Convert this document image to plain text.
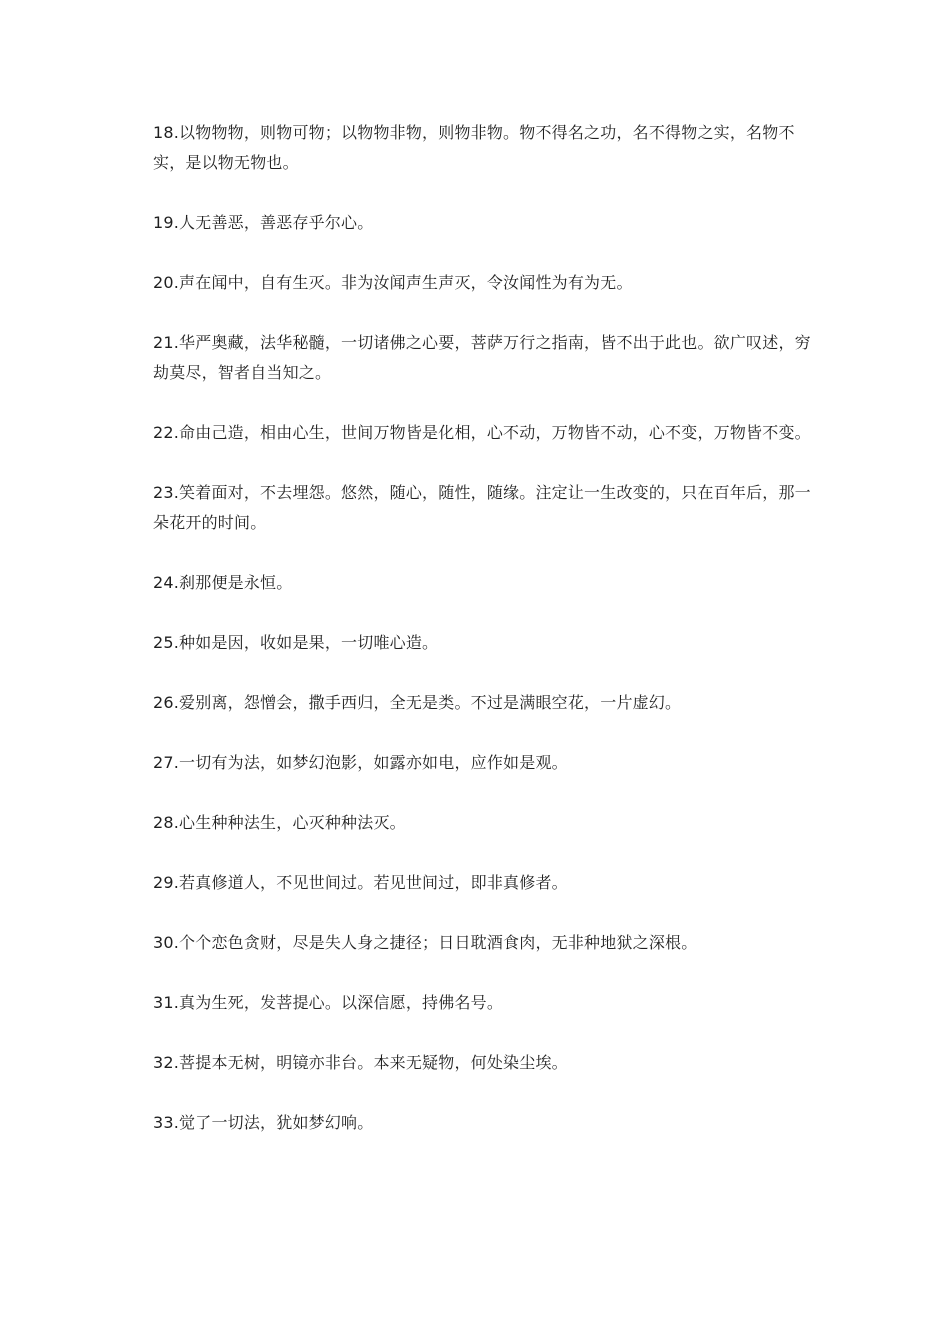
18.以物物物，则物可物；以物物非物，则物非物。物不得名之功，名不得物之实，名物不实，是以物无物也。

19.人无善恶，善恶存乎尔心。

20.声在闻中，自有生灭。非为汝闻声生声灭，令汝闻性为有为无。

21.华严奥藏，法华秘髓，一切诸佛之心要，菩萨万行之指南，皆不出于此也。欲广叹述，穷劫莫尽，智者自当知之。

22.命由己造，相由心生，世间万物皆是化相，心不动，万物皆不动，心不变，万物皆不变。

23.笑着面对，不去埋怨。悠然，随心，随性，随缘。注定让一生改变的，只在百年后，那一朵花开的时间。

24.刹那便是永恒。

25.种如是因，收如是果，一切唯心造。

26.爱别离，怨憎会，撒手西归，全无是类。不过是满眼空花，一片虚幻。

27.一切有为法，如梦幻泡影，如露亦如电，应作如是观。

28.心生种种法生，心灭种种法灭。

29.若真修道人，不见世间过。若见世间过，即非真修者。

30.个个恋色贪财，尽是失人身之捷径；日日耽酒食肉，无非种地狱之深根。

31.真为生死，发菩提心。以深信愿，持佛名号。

32.菩提本无树，明镜亦非台。本来无疑物，何处染尘埃。

33.觉了一切法，犹如梦幻响。
